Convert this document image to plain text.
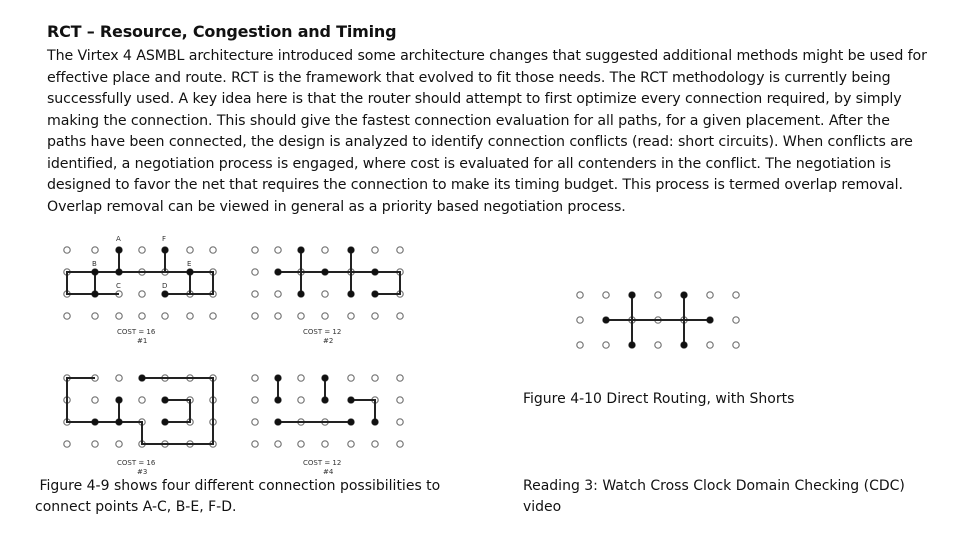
RCT – Resource, Congestion and Timing
The Virtex 4 ASMBL architecture introduced some architecture changes that suggested additional methods might be used for effective place and route. RCT is the framework that evolved to fit those needs. The RCT methodology is currently being successfully used. A key idea here is that the router should attempt to first optimize every connection required, by simply making the connection. This should give the fastest connection evaluation for all paths, for a given placement. After the paths have been connected, the design is analyzed to identify connection conflicts (read: short circuits). When conflicts are identified, a negotiation process is engaged, where cost is evaluated for all contenders in the conflict. The negotiation is designed to favor the net that requires the connection to make its timing budget. This process is termed overlap removal. Overlap removal can be viewed in general as a priority based negotiation process.
A	F
B	E
C	D
COST = 16
#1
COST = 12
#2
COST = 16
#3
COST = 12
#4
Figure 4-10 Direct Routing, with Shorts
Figure 4-9 shows four different connection possibilities to connect points A-C, B-E, F-D.
Reading 3: Watch Cross Clock Domain Checking (CDC) video
